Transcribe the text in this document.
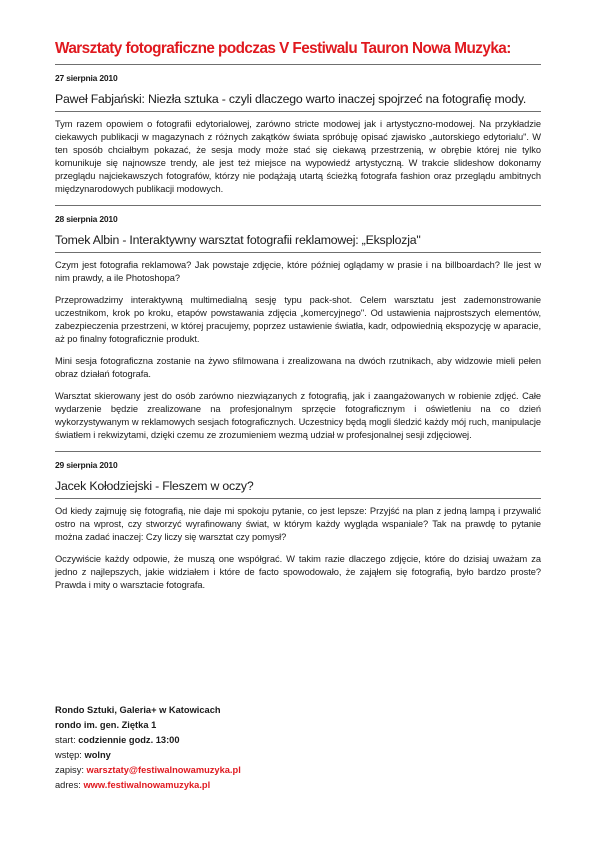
Warsztaty fotograficzne podczas V Festiwalu Tauron Nowa Muzyka:
27 sierpnia 2010
Paweł Fabjański: Niezła sztuka - czyli dlaczego warto inaczej spojrzeć na fotografię mody.

Tym razem opowiem o fotografii edytorialowej, zarówno stricte modowej jak i artystyczno-modowej. Na przykładzie ciekawych publikacji w magazynach z różnych zakątków świata spróbuję opisać zjawisko „autorskiego edytorialu". W ten sposób chciałbym pokazać, że sesja mody może stać się ciekawą przestrzenią, w obrębie której nie tylko komunikuje się najnowsze trendy, ale jest też miejsce na wypowiedź artystyczną. W trakcie slideshow dokonamy przeglądu najciekawszych fotografów, którzy nie podążają utartą ścieżką fotografa fashion oraz przeglądu ambitnych międzynarodowych publikacji modowych.

28 sierpnia 2010
Tomek Albin - Interaktywny warsztat fotografii reklamowej: „Eksplozja"

Czym jest fotografia reklamowa? Jak powstaje zdjęcie, które później oglądamy w prasie i na billboardach? Ile jest w nim prawdy, a ile Photoshopa?

Przeprowadzimy interaktywną multimedialną sesję typu pack-shot. Celem warsztatu jest zademonstrowanie uczestnikom, krok po kroku, etapów powstawania zdjęcia „komercyjnego". Od ustawienia najprostszych elementów, zabezpieczenia przestrzeni, w której pracujemy, poprzez ustawienie światła, kadr, odpowiednią ekspozycję w aparacie, aż po finalny fotograficznie produkt.

Mini sesja fotograficzna zostanie na żywo sfilmowana i zrealizowana na dwóch rzutnikach, aby widzowie mieli pełen obraz działań fotografa.

Warsztat skierowany jest do osób zarówno niezwiązanych z fotografią, jak i zaangażowanych w robienie zdjęć. Całe wydarzenie będzie zrealizowane na profesjonalnym sprzęcie fotograficznym i oświetleniu na co dzień wykorzystywanym w reklamowych sesjach fotograficznych. Uczestnicy będą mogli śledzić każdy mój ruch, manipulacje światłem i rekwizytami, dzięki czemu ze zrozumieniem wezmą udział w profesjonalnej sesji zdjęciowej.

29 sierpnia 2010
Jacek Kołodziejski - Fleszem w oczy?

Od kiedy zajmuję się fotografią, nie daje mi spokoju pytanie, co jest lepsze: Przyjść na plan z jedną lampą i przywalić ostro na wprost, czy stworzyć wyrafinowany świat, w którym każdy wygląda wspaniale? Tak na prawdę to pytanie można zadać inaczej: Czy liczy się warsztat czy pomysł?

Oczywiście każdy odpowie, że muszą one współgrać. W takim razie dlaczego zdjęcie, które do dzisiaj uważam za jedno z najlepszych, jakie widziałem i które de facto spowodowało, że zająłem się fotografią, było bardzo proste? Prawda i mity o warsztacie fotografa.

Rondo Sztuki, Galeria+ w Katowicach
rondo im. gen. Ziętka 1
start: codziennie godz. 13:00
wstęp: wolny
zapisy: warsztaty@festiwalnowamuzyka.pl
adres: www.festiwalnowamuzyka.pl
